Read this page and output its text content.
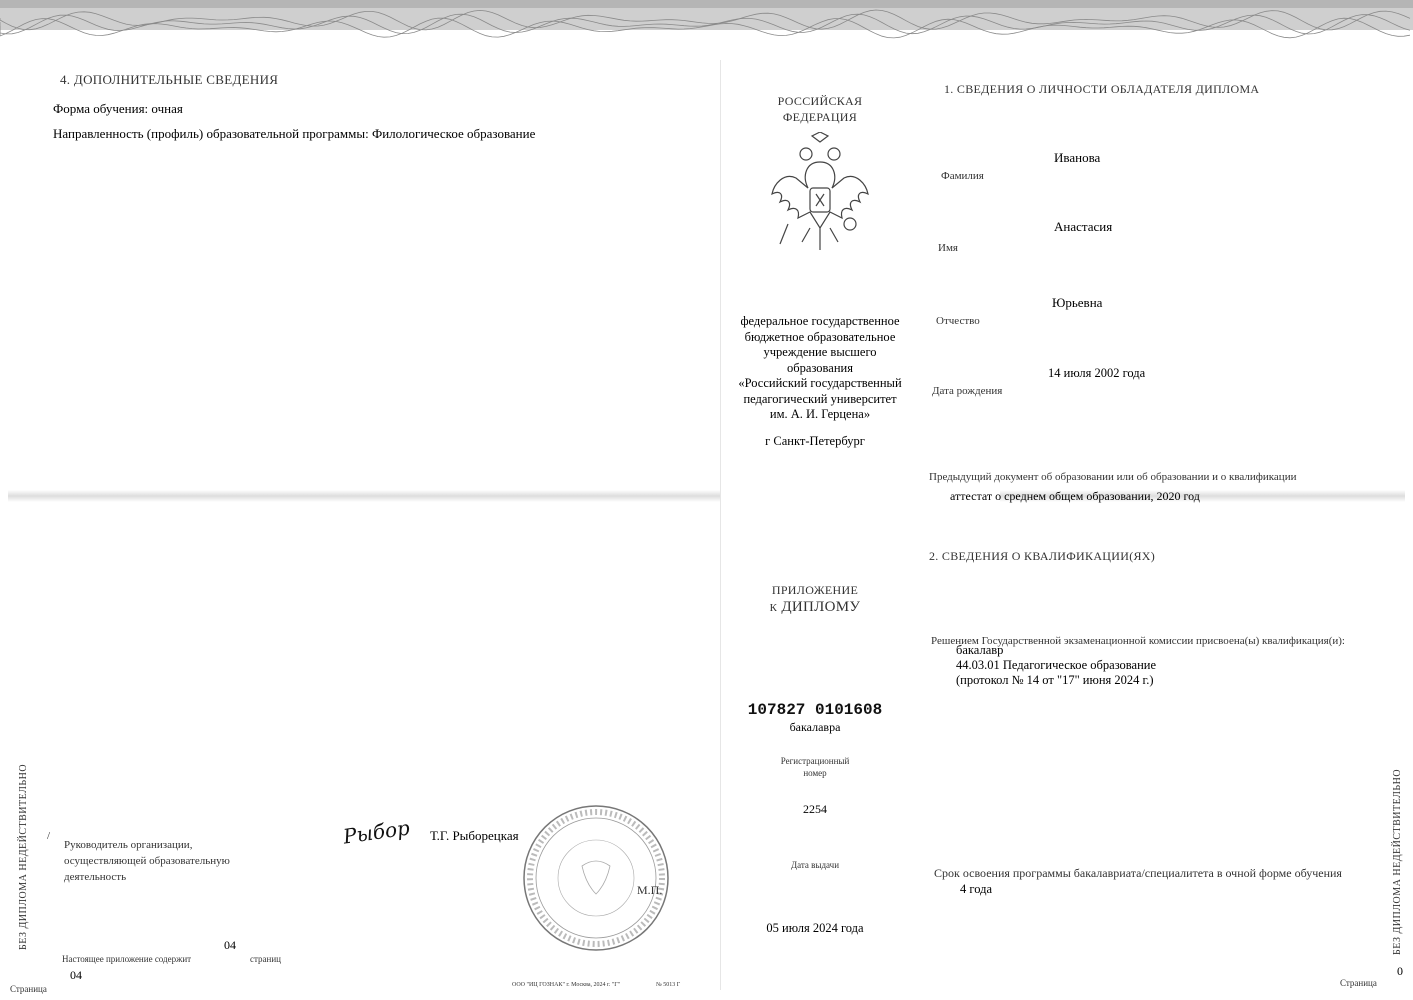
4. ДОПОЛНИТЕЛЬНЫЕ СВЕДЕНИЯ
Форма обучения: очная
Направленность (профиль) образовательной программы: Филологическое образование
/
Руководитель организации,
осуществляющей образовательную
деятельность
Рыбор Т.Г. Рыборецкая
М.П.
04
Настоящее приложение содержит	страниц
04
Страница
БЕЗ ДИПЛОМА НЕДЕЙСТВИТЕЛЬНО
ООО "ИЦ ГОЗНАК" г. Москва, 2024 г. "Г"	№ 5013 Г
РОССИЙСКАЯ
ФЕДЕРАЦИЯ
федеральное государственное
бюджетное образовательное
учреждение высшего
образования
«Российский государственный
педагогический университет
им. А. И. Герцена»
г Санкт-Петербург
ПРИЛОЖЕНИЕ
к ДИПЛОМУ
107827 0101608
бакалавра
Регистрационный
номер
2254
Дата выдачи
05 июля 2024 года
1. СВЕДЕНИЯ О ЛИЧНОСТИ ОБЛАДАТЕЛЯ ДИПЛОМА
Иванова
Фамилия
Анастасия
Имя
Юрьевна
Отчество
14 июля 2002 года
Дата рождения
Предыдущий документ об образовании или об образовании и о квалификации
аттестат о среднем общем образовании, 2020 год
2. СВЕДЕНИЯ О КВАЛИФИКАЦИИ(ЯХ)
Решением Государственной экзаменационной комиссии присвоена(ы) квалификация(и):
бакалавр
44.03.01 Педагогическое образование
(протокол № 14 от "17" июня 2024 г.)
Срок освоения программы бакалавриата/специалитета в очной форме обучения
4 года
Страница
0
БЕЗ ДИПЛОМА НЕДЕЙСТВИТЕЛЬНО
